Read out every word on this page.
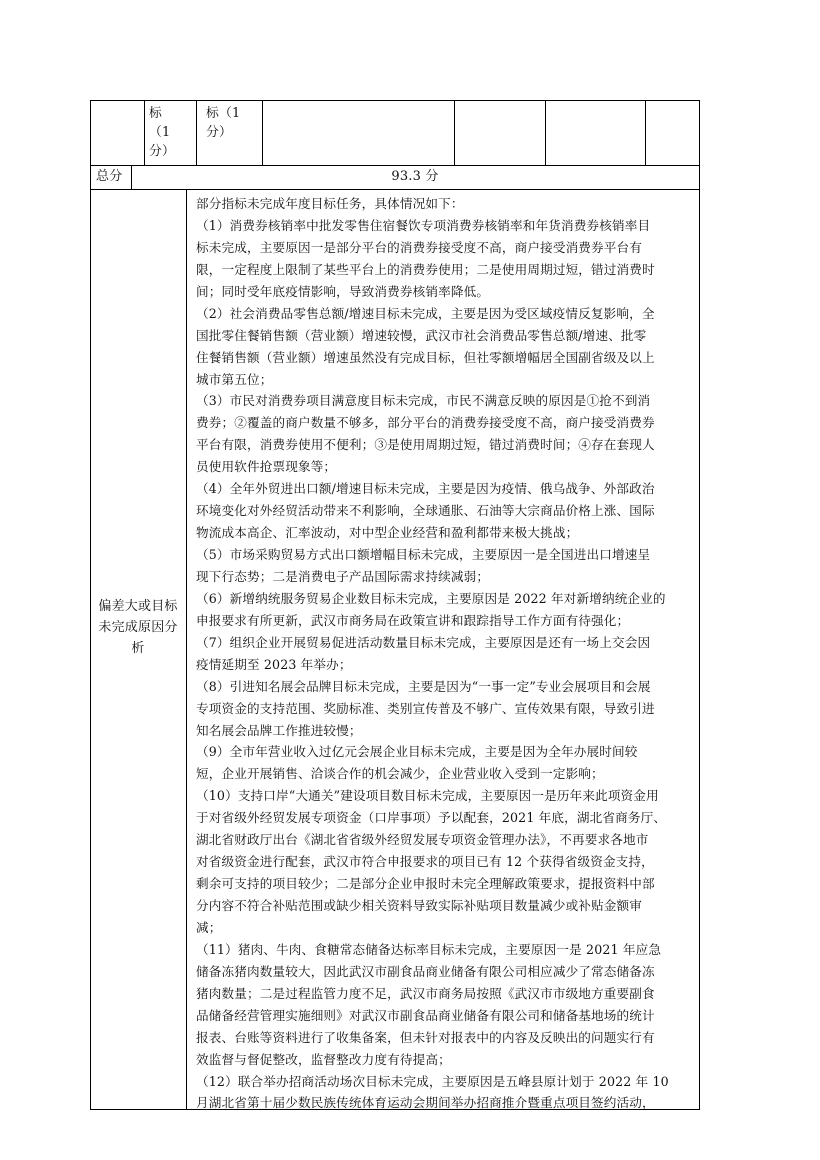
标（1分）
标（1分）
总分	93.3 分
偏差大或目标未完成原因分析
部分指标未完成年度目标任务，具体情况如下：
（1）消费券核销率中批发零售住宿餐饮专项消费券核销率和年货消费券核销率目
标未完成，主要原因一是部分平台的消费券接受度不高，商户接受消费券平台有
限，一定程度上限制了某些平台上的消费券使用；二是使用周期过短，错过消费时
间；同时受年底疫情影响，导致消费券核销率降低。
（2）社会消费品零售总额/增速目标未完成，主要是因为受区域疫情反复影响，全
国批零住餐销售额（营业额）增速较慢，武汉市社会消费品零售总额/增速、批零
住餐销售额（营业额）增速虽然没有完成目标，但社零额增幅居全国副省级及以上
城市第五位；
（3）市民对消费券项目满意度目标未完成，市民不满意反映的原因是①抢不到消
费券；②覆盖的商户数量不够多，部分平台的消费券接受度不高，商户接受消费券
平台有限，消费券使用不便利；③是使用周期过短，错过消费时间；④存在套现人
员使用软件抢票现象等；
（4）全年外贸进出口额/增速目标未完成，主要是因为疫情、俄乌战争、外部政治
环境变化对外经贸活动带来不利影响，全球通胀、石油等大宗商品价格上涨、国际
物流成本高企、汇率波动，对中型企业经营和盈利都带来极大挑战；
（5）市场采购贸易方式出口额增幅目标未完成，主要原因一是全国进出口增速呈
现下行态势；二是消费电子产品国际需求持续减弱；
（6）新增纳统服务贸易企业数目标未完成，主要原因是 2022 年对新增纳统企业的
申报要求有所更新，武汉市商务局在政策宣讲和跟踪指导工作方面有待强化；
（7）组织企业开展贸易促进活动数量目标未完成，主要原因是还有一场上交会因
疫情延期至 2023 年举办；
（8）引进知名展会品牌目标未完成，主要是因为“一事一定”专业会展项目和会展
专项资金的支持范围、奖励标准、类别宣传普及不够广、宣传效果有限，导致引进
知名展会品牌工作推进较慢；
（9）全市年营业收入过亿元会展企业目标未完成，主要是因为全年办展时间较
短，企业开展销售、洽谈合作的机会减少，企业营业收入受到一定影响；
（10）支持口岸“大通关”建设项目数目标未完成，主要原因一是历年来此项资金用
于对省级外经贸发展专项资金（口岸事项）予以配套，2021 年底，湖北省商务厅、
湖北省财政厅出台《湖北省省级外经贸发展专项资金管理办法》，不再要求各地市
对省级资金进行配套，武汉市符合申报要求的项目已有 12 个获得省级资金支持，
剩余可支持的项目较少；二是部分企业申报时未完全理解政策要求，提报资料中部
分内容不符合补贴范围或缺少相关资料导致实际补贴项目数量减少或补贴金额审
减；
（11）猪肉、牛肉、食糖常态储备达标率目标未完成，主要原因一是 2021 年应急
储备冻猪肉数量较大，因此武汉市副食品商业储备有限公司相应减少了常态储备冻
猪肉数量；二是过程监管力度不足，武汉市商务局按照《武汉市市级地方重要副食
品储备经营管理实施细则》对武汉市副食品商业储备有限公司和储备基地场的统计
报表、台账等资料进行了收集备案，但未针对报表中的内容及反映出的问题实行有
效监督与督促整改，监督整改力度有待提高；
（12）联合举办招商活动场次目标未完成，主要原因是五峰县原计划于 2022 年 10
月湖北省第十届少数民族传统体育运动会期间举办招商推介暨重点项目签约活动，
